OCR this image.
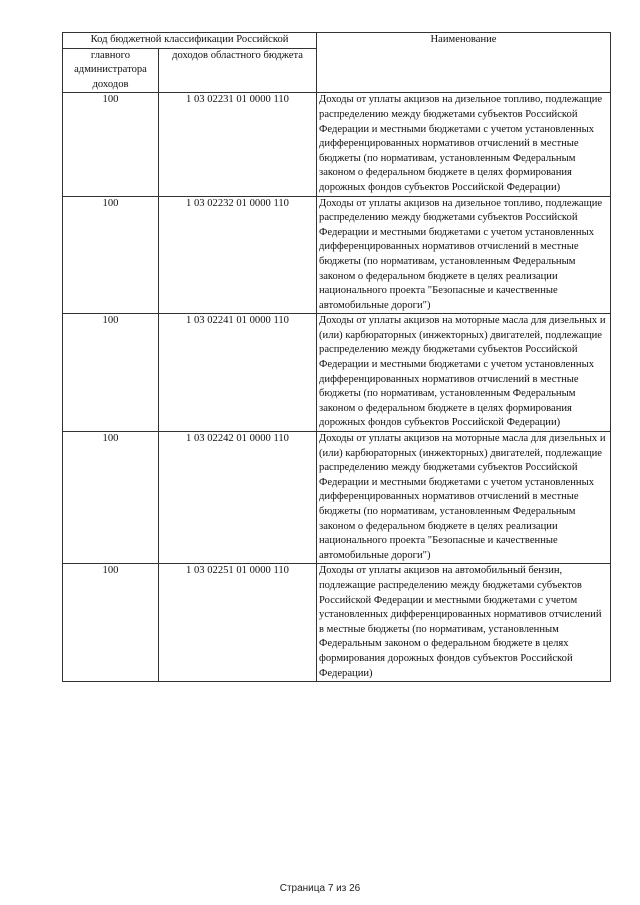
Код бюджетной классификации Российской		Наименование
главного администратора доходов	доходов областного бюджета	
100	1 03 02231 01 0000 110	Доходы от уплаты акцизов на дизельное топливо, подлежащие распределению между бюджетами субъектов Российской Федерации и местными бюджетами с учетом установленных дифференцированных нормативов отчислений в местные бюджеты (по нормативам, установленным Федеральным законом о федеральном бюджете в целях формирования дорожных фондов субъектов Российской Федерации)
100	1 03 02232 01 0000 110	Доходы от уплаты акцизов на дизельное топливо, подлежащие распределению между бюджетами субъектов Российской Федерации и местными бюджетами с учетом установленных дифференцированных нормативов отчислений в местные бюджеты (по нормативам, установленным Федеральным законом о федеральном бюджете в целях реализации национального проекта "Безопасные и качественные автомобильные дороги")
100	1 03 02241 01 0000 110	Доходы от уплаты акцизов на моторные масла для дизельных и (или) карбюраторных (инжекторных) двигателей, подлежащие распределению между бюджетами субъектов Российской Федерации и местными бюджетами с учетом установленных дифференцированных нормативов отчислений в местные бюджеты (по нормативам, установленным Федеральным законом о федеральном бюджете в целях формирования дорожных фондов субъектов Российской Федерации)
100	1 03 02242 01 0000 110	Доходы от уплаты акцизов на моторные масла для дизельных и (или) карбюраторных (инжекторных) двигателей, подлежащие распределению между бюджетами субъектов Российской Федерации и местными бюджетами с учетом установленных дифференцированных нормативов отчислений в местные бюджеты (по нормативам, установленным Федеральным законом о федеральном бюджете в целях реализации национального проекта "Безопасные и качественные автомобильные дороги")
100	1 03 02251 01 0000 110	Доходы от уплаты акцизов на автомобильный бензин, подлежащие распределению между бюджетами субъектов Российской Федерации и местными бюджетами с учетом установленных дифференцированных нормативов отчислений в местные бюджеты (по нормативам, установленным Федеральным законом о федеральном бюджете в целях формирования дорожных фондов субъектов Российской Федерации)
Страница 7 из 26
